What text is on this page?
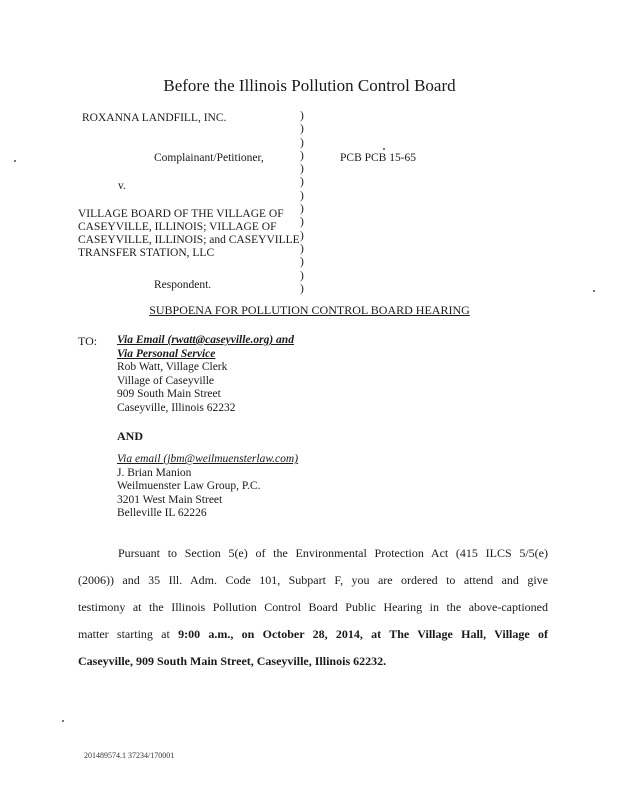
Before the Illinois Pollution Control Board
ROXANNA LANDFILL, INC.
Complainant/Petitioner,
v.
VILLAGE BOARD OF THE VILLAGE OF
CASEYVILLE, ILLINOIS; VILLAGE OF
CASEYVILLE, ILLINOIS; and CASEYVILLE
TRANSFER STATION, LLC
Respondent.
)
)
)
)
)
)
)
)
)
)
)
)
)
)
PCB PCB 15-65
SUBPOENA FOR POLLUTION CONTROL BOARD HEARING
TO: Via Email (rwatt@caseyville.org) and
Via Personal Service
Rob Watt, Village Clerk
Village of Caseyville
909 South Main Street
Caseyville, Illinois 62232
AND
Via email (jbm@weilmuensterlaw.com)
J. Brian Manion
Weilmuenster Law Group, P.C.
3201 West Main Street
Belleville IL 62226
Pursuant to Section 5(e) of the Environmental Protection Act (415 ILCS 5/5(e)
(2006)) and 35 Ill. Adm. Code 101, Subpart F, you are ordered to attend and give
testimony at the Illinois Pollution Control Board Public Hearing in the above-captioned
matter starting at 9:00 a.m., on October 28, 2014, at The Village Hall, Village of
Caseyville, 909 South Main Street, Caseyville, Illinois 62232.
201489574.1 37234/170001
